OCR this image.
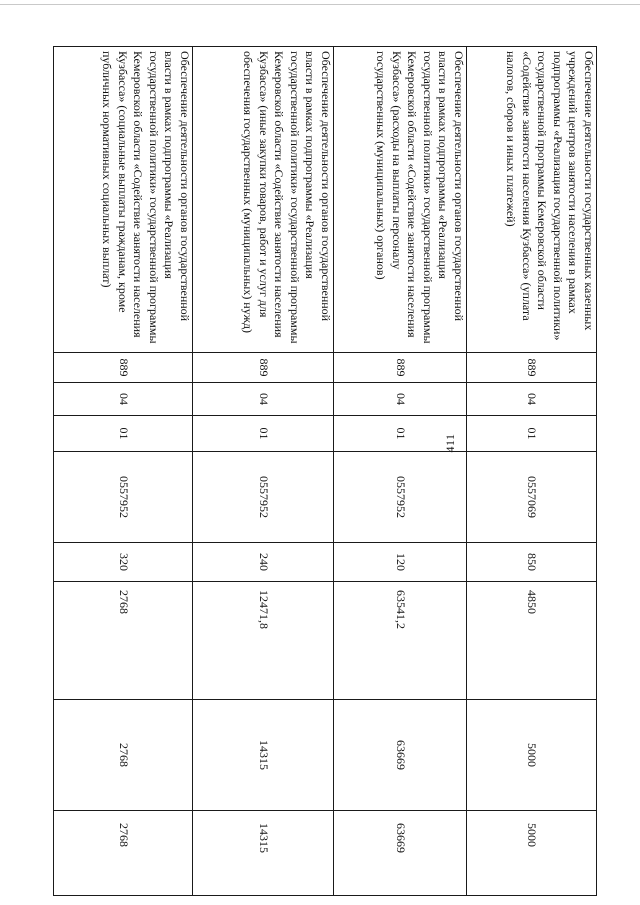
411

Обеспечение деятельности государственных казенных учреждений центров занятости населения в рамках подпрограммы «Реализация государственной политики» государственной программы Кемеровской области «Содействие занятости населения Кузбасса» (уплата налогов, сборов и иных платежей)	889	04	01	0557069	850	4850	5000	5000
Обеспечение деятельности органов государственной власти в рамках подпрограммы «Реализация государственной политики» государственной программы Кемеровской области «Содействие занятости населения Кузбасса» (расходы на выплаты персоналу государственных (муниципальных) органов)	889	04	01	0557952	120	63541,2	63669	63669
Обеспечение деятельности органов государственной власти в рамках подпрограммы «Реализация государственной политики» государственной программы Кемеровской области «Содействие занятости населения Кузбасса» (иные закупки товаров, работ и услуг для обеспечения государственных (муниципальных) нужд)	889	04	01	0557952	240	12471,8	14315	14315
Обеспечение деятельности органов государственной власти в рамках подпрограммы «Реализация государственной политики» государственной программы Кемеровской области «Содействие занятости населения Кузбасса» (социальные выплаты гражданам, кроме публичных нормативных социальных выплат)	889	04	01	0557952	320	2768	2768	2768
